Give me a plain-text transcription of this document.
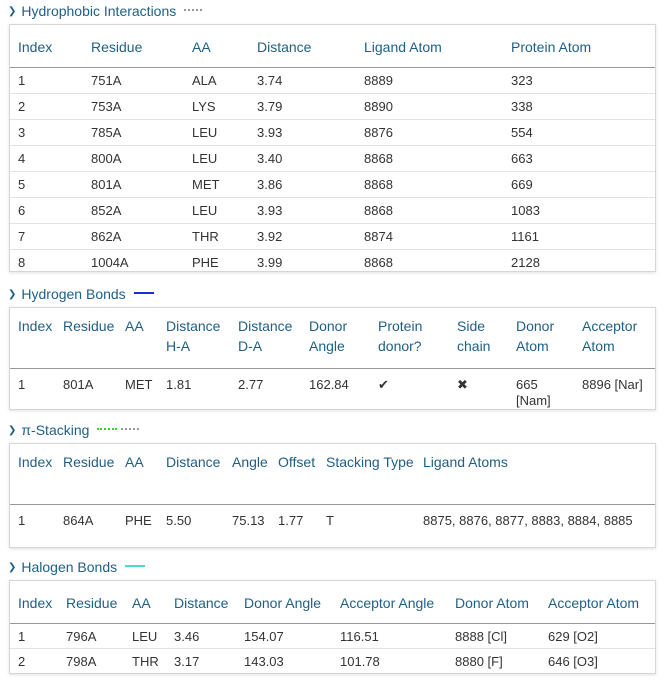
❯ Hydrophobic Interactions
Index	Residue	AA	Distance	Ligand Atom	Protein Atom
1	751A	ALA	3.74	8889	323
2	753A	LYS	3.79	8890	338
3	785A	LEU	3.93	8876	554
4	800A	LEU	3.40	8868	663
5	801A	MET	3.86	8868	669
6	852A	LEU	3.93	8868	1083
7	862A	THR	3.92	8874	1161
8	1004A	PHE	3.99	8868	2128
❯ Hydrogen Bonds
Index	Residue	AA	Distance H-A	Distance D-A	Donor Angle	Protein donor?	Side chain	Donor Atom	Acceptor Atom
1	801A	MET	1.81	2.77	162.84	✔	✖	665 [Nam]	8896 [Nar]
❯ π-Stacking
Index	Residue	AA	Distance	Angle	Offset	Stacking Type	Ligand Atoms
1	864A	PHE	5.50	75.13	1.77	T	8875, 8876, 8877, 8883, 8884, 8885
❯ Halogen Bonds
Index	Residue	AA	Distance	Donor Angle	Acceptor Angle	Donor Atom	Acceptor Atom
1	796A	LEU	3.46	154.07	116.51	8888 [Cl]	629 [O2]
2	798A	THR	3.17	143.03	101.78	8880 [F]	646 [O3]
